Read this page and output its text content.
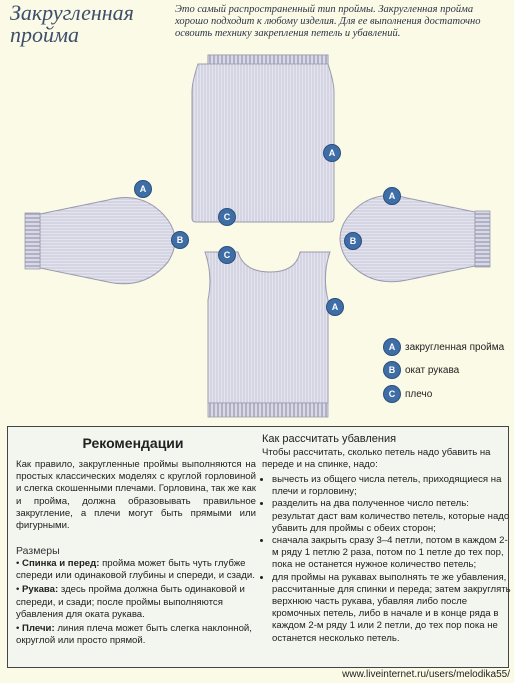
Закругленная пройма
Это самый распространенный тип проймы. Закругленная пройма хорошо подходит к любому изделия. Для ее выполнения достаточно освоить технику закрепления петель и убавлений.
A
C
C
A
A
B
A
B
A закругленная пройма
B окат рукава
C плечо
Рекомендации
Как правило, закругленные проймы выполняются на простых классических моделях с круглой горловиной и слегка скошенными плечами. Горловина, так же как и пройма, должна образовывать правильное закругление, а плечи могут быть прямыми или фигурными.
Размеры

• Спинка и перед: пройма может быть чуть глубже спереди или одинаковой глубины и спереди, и сзади.

• Рукава: здесь пройма должна быть одинаковой и спереди, и сзади; после проймы выполняются убавления для оката рукава.

• Плечи: линия плеча может быть слегка наклонной, округлой или просто прямой.

Как рассчитать убавления
Чтобы рассчитать, сколько петель надо убавить на переде и на спинке, надо:
• вычесть из общего числа петель, приходящиеся на плечи и горловину;
• разделить на два полученное число петель: результат даст вам количество петель, которые надо убавить для проймы с обеих сторон;
• сначала закрыть сразу 3–4 петли, потом в каждом 2-м ряду 1 петлю 2 раза, потом по 1 петле до тех пор, пока не останется нужное количество петель;
• для проймы на рукавах выполнять те же убавления, рассчитанные для спинки и переда; затем закруглять верхнюю часть рукава, убавляя либо после кромочных петель, либо в начале и в конце ряда в каждом 2-м ряду 1 или 2 петли, до тех пор пока не останется несколько петель.
www.liveinternet.ru/users/melodika55/
